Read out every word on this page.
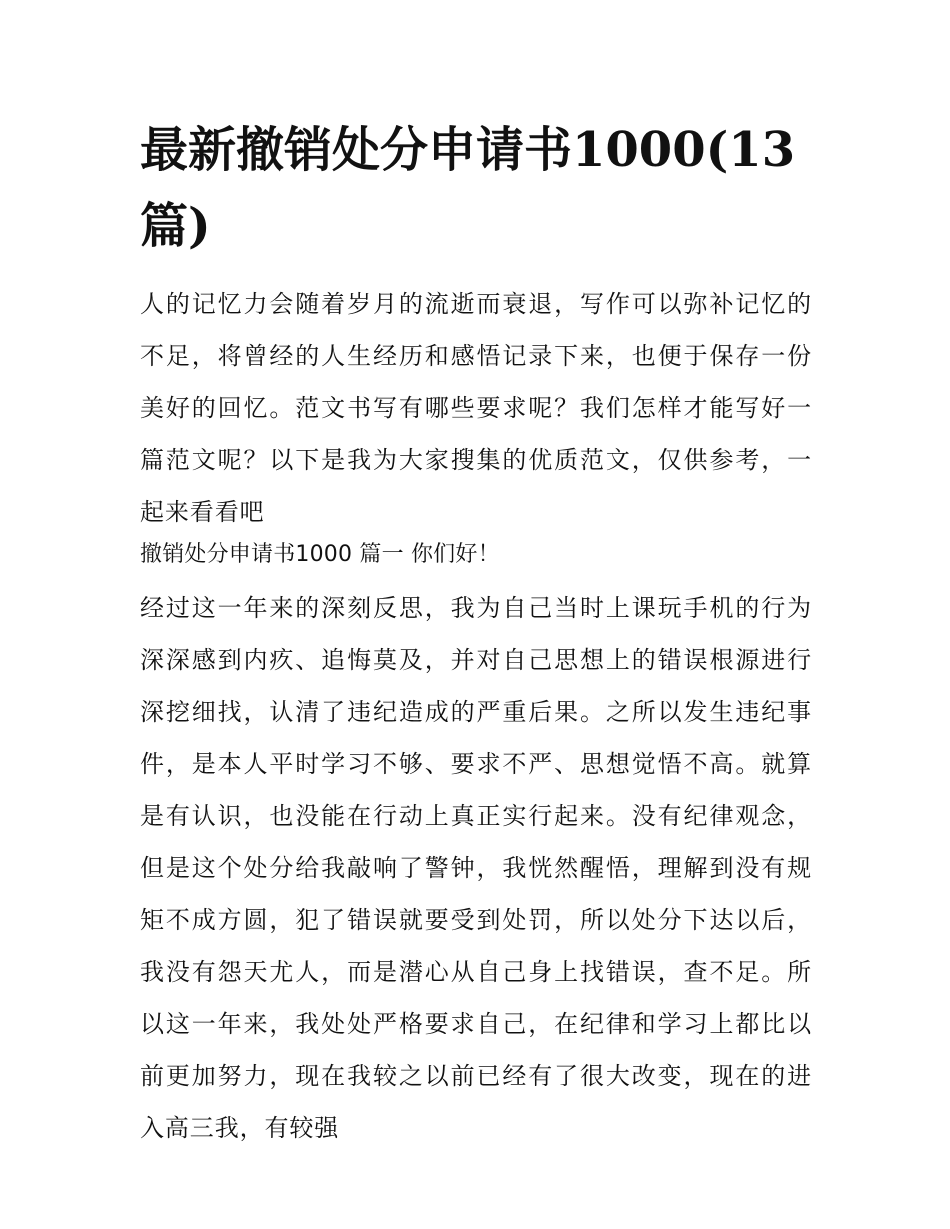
最新撤销处分申请书1000(13篇)

人的记忆力会随着岁月的流逝而衰退，写作可以弥补记忆的不足，将曾经的人生经历和感悟记录下来，也便于保存一份美好的回忆。范文书写有哪些要求呢？我们怎样才能写好一篇范文呢？以下是我为大家搜集的优质范文，仅供参考，一起来看看吧

撤销处分申请书1000 篇一 你们好！

经过这一年来的深刻反思，我为自己当时上课玩手机的行为深深感到内疚、追悔莫及，并对自己思想上的错误根源进行深挖细找，认清了违纪造成的严重后果。之所以发生违纪事件，是本人平时学习不够、要求不严、思想觉悟不高。就算是有认识，也没能在行动上真正实行起来。没有纪律观念，但是这个处分给我敲响了警钟，我恍然醒悟，理解到没有规矩不成方圆，犯了错误就要受到处罚，所以处分下达以后，我没有怨天尤人，而是潜心从自己身上找错误，查不足。所以这一年来，我处处严格要求自己，在纪律和学习上都比以前更加努力，现在我较之以前已经有了很大改变，现在的进入高三我，有较强
